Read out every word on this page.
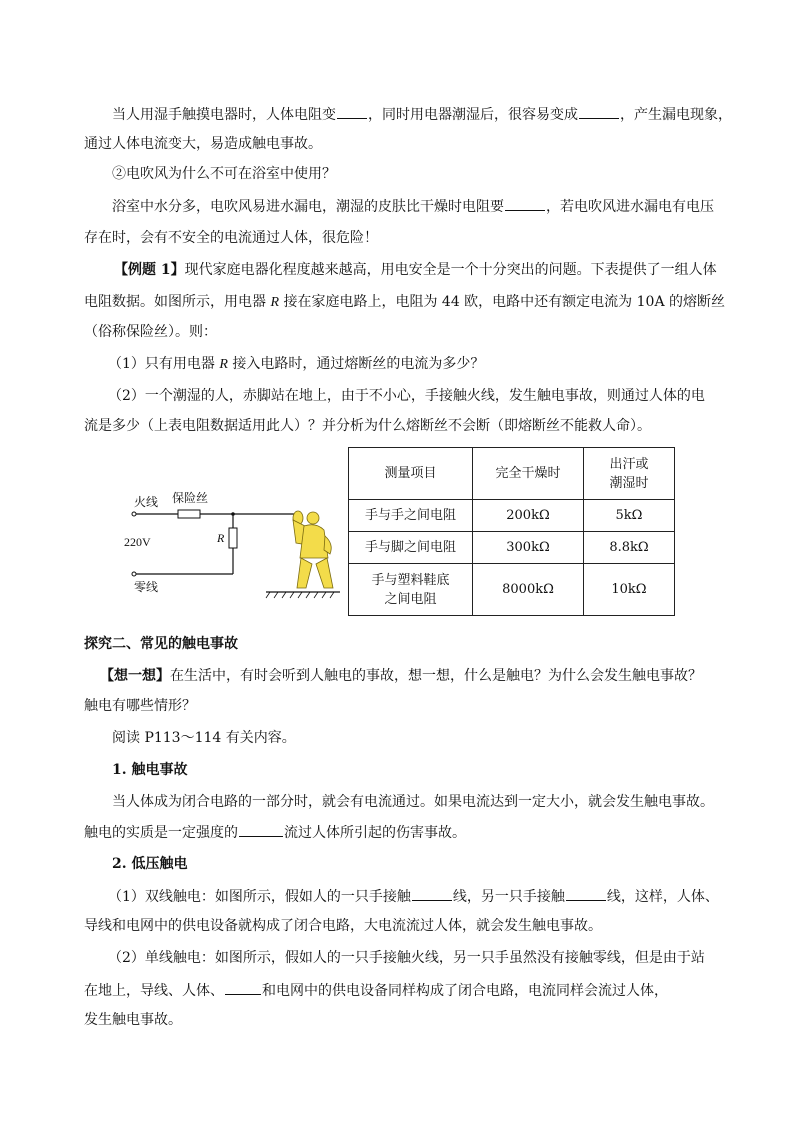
当人用湿手触摸电器时，人体电阻变 ，同时用电器潮湿后，很容易变成	，产生漏电现象，

通过人体电流变大，易造成触电事故。

②电吹风为什么不可在浴室中使用？

浴室中水分多，电吹风易进水漏电，潮湿的皮肤比干燥时电阻要	，若电吹风进水漏电有电压

存在时，会有不安全的电流通过人体，很危险！

【例题 1】现代家庭电器化程度越来越高，用电安全是一个十分突出的问题。下表提供了一组人体

电阻数据。如图所示，用电器 R 接在家庭电路上，电阻为 44 欧，电路中还有额定电流为 10A 的熔断丝

（俗称保险丝）。则：

（1）只有用电器 R 接入电路时，通过熔断丝的电流为多少？

（2）一个潮湿的人，赤脚站在地上，由于不小心，手接触火线，发生触电事故，则通过人体的电

流是多少（上表电阻数据适用此人）？并分析为什么熔断丝不会断（即熔断丝不能救人命）。

火线 保险丝
R
220V
零线
测量项目	完全干燥时	出汗或
潮湿时
手与手之间电阻	200kΩ	5kΩ
手与脚之间电阻	300kΩ	8.8kΩ
手与塑料鞋底
之间电阻	8000kΩ	10kΩ

探究二、常见的触电事故

【想一想】在生活中，有时会听到人触电的事故，想一想，什么是触电？为什么会发生触电事故？

触电有哪些情形？

阅读 P113～114 有关内容。

1. 触电事故

当人体成为闭合电路的一部分时，就会有电流通过。如果电流达到一定大小，就会发生触电事故。

触电的实质是一定强度的	流过人体所引起的伤害事故。

2. 低压触电

（1）双线触电：如图所示，假如人的一只手接触	线，另一只手接触	线，这样，人体、

导线和电网中的供电设备就构成了闭合电路，大电流流过人体，就会发生触电事故。

（2）单线触电：如图所示，假如人的一只手接触火线，另一只手虽然没有接触零线，但是由于站

在地上，导线、人体、	和电网中的供电设备同样构成了闭合电路，电流同样会流过人体，

发生触电事故。
